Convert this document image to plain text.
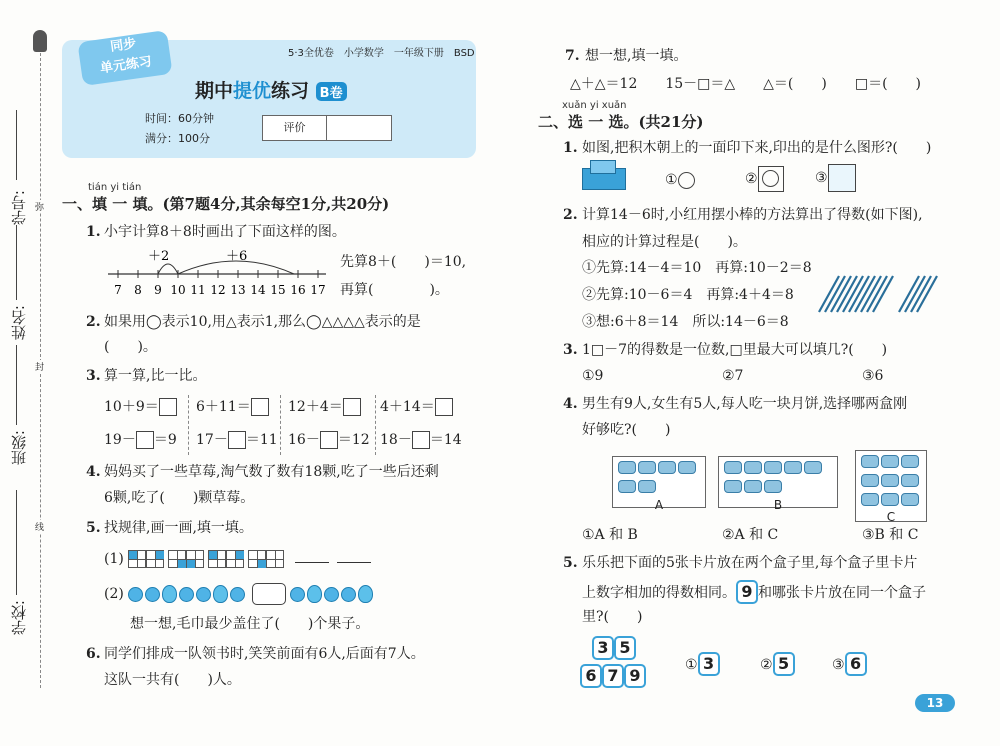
学号:
姓名:
班级:
学校:
弥
封
线
同步
单元练习
5·3全优卷　小学数学　一年级下册　BSD
期中提优练习 B卷
时间：60分钟
满分：100分
评价
tián yi tián
一、填 一 填。(第7题4分,其余每空1分,共20分)
1. 小宇计算8＋8时画出了下面这样的图。
7 8 9 10 11 12 13 14 15 16 17
＋2	＋6	先算8＋(　　)＝10,
再算(　　　　)。
2. 如果用◯表示10,用△表示1,那么◯△△△△表示的是
(　　)。
3. 算一算,比一比。
10＋9＝	6＋11＝	12＋4＝	4＋14＝
19－ ＝9 17－ ＝11 16－ ＝12 18－ ＝14
4. 妈妈买了一些草莓,淘气数了数有18颗,吃了一些后还剩
6颗,吃了(　　)颗草莓。
5. 找规律,画一画,填一填。
(1)

(2)
想一想,毛巾最少盖住了(　　)个果子。
6. 同学们排成一队领书时,笑笑前面有6人,后面有7人。
这队一共有(　　)人。
7. 想一想,填一填。
△＋△＝12　　15－□＝△　　△＝(　　)　　□＝(　　)
xuǎn yi xuǎn
二、选 一 选。(共21分)
1. 如图,把积木朝上的一面印下来,印出的是什么图形?(　　)
①	②	③
2. 计算14－6时,小红用摆小棒的方法算出了得数(如下图),
相应的计算过程是(　　)。
①先算:14－4＝10　再算:10－2＝8
②先算:10－6＝4　再算:4＋4＝8
③想:6＋8＝14　所以:14－6＝8
3. 1□－7的得数是一位数,□里最大可以填几?(　　)
①9	②7	③6
4. 男生有9人,女生有5人,每人吃一块月饼,选择哪两盒刚
好够吃?(　　)
A	B
C
①A 和 B	②A 和 C	③B 和 C
5. 乐乐把下面的5张卡片放在两个盒子里,每个盒子里卡片
上数字相加的得数相同。 9 和哪张卡片放在同一个盒子
里?(　　)
3 5
6 7 9
① 3	② 5	③ 6
13
